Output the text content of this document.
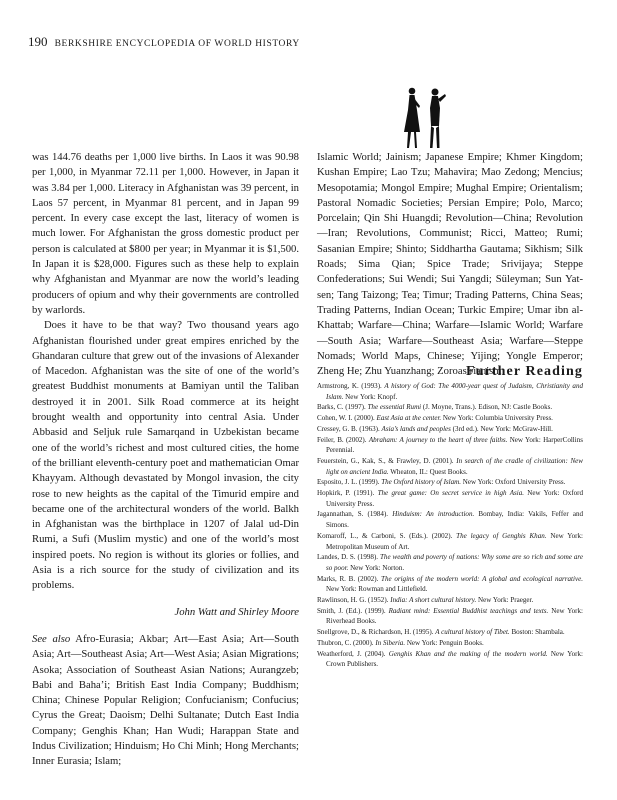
190 BERKSHIRE ENCYCLOPEDIA OF WORLD HISTORY

was 144.76 deaths per 1,000 live births. In Laos it was 90.98 per 1,000, in Myanmar 72.11 per 1,000. However, in Japan it was 3.84 per 1,000. Literacy in Afghanistan was 39 percent, in Laos 57 percent, in Myanmar 81 percent, and in Japan 99 percent. In every case except the last, literacy of women is much lower. For Afghanistan the gross domestic product per person is calculated at $800 per year; in Myanmar it is $1,500. In Japan it is $28,000. Figures such as these help to explain why Afghanistan and Myanmar are now the world’s leading producers of opium and why their governments are controlled by warlords.

Does it have to be that way? Two thousand years ago Afghanistan flourished under great empires enriched by the Ghandaran culture that grew out of the invasions of Alexander of Macedon. Afghanistan was the site of one of the world’s greatest Buddhist monuments at Bamiyan until the Taliban destroyed it in 2001. Silk Road commerce at its height brought wealth and opportunity into central Asia. Under Abbasid and Seljuk rule Samarqand in Uzbekistan became one of the world’s richest and most cultured cities, the home of the brilliant eleventh-century poet and mathematician Omar Khayyam. Although devastated by Mongol invasion, the city rose to new heights as the capital of the Timurid empire and became one of the architectural wonders of the world. Balkh in Afghanistan was the birthplace in 1207 of Jalal ud-Din Rumi, a Sufi (Muslim mystic) and one of the world’s most inspired poets. No region is without its glories or follies, and Asia is a rich source for the study of civilization and its problems.

John Watt and Shirley Moore

See also Afro-Eurasia; Akbar; Art—East Asia; Art—South Asia; Art—Southeast Asia; Art—West Asia; Asian Migrations; Asoka; Association of Southeast Asian Nations; Aurangzeb; Babi and Baha’i; British East India Company; Buddhism; China; Chinese Popular Religion; Confucianism; Confucius; Cyrus the Great; Daoism; Delhi Sultanate; Dutch East India Company; Genghis Khan; Han Wudi; Harappan State and Indus Civilization; Hinduism; Ho Chi Minh; Hong Merchants; Inner Eurasia; Islam;

Islamic World; Jainism; Japanese Empire; Khmer Kingdom; Kushan Empire; Lao Tzu; Mahavira; Mao Zedong; Mencius; Mesopotamia; Mongol Empire; Mughal Empire; Orientalism; Pastoral Nomadic Societies; Persian Empire; Polo, Marco; Porcelain; Qin Shi Huangdi; Revolution—China; Revolution—Iran; Revolutions, Communist; Ricci, Matteo; Rumi; Sasanian Empire; Shinto; Siddhartha Gautama; Sikhism; Silk Roads; Sima Qian; Spice Trade; Srivijaya; Steppe Confederations; Sui Wendi; Sui Yangdi; Süleyman; Sun Yat-sen; Tang Taizong; Tea; Timur; Trading Patterns, China Seas; Trading Patterns, Indian Ocean; Turkic Empire; Umar ibn al-Khattab; Warfare—China; Warfare—Islamic World; Warfare—South Asia; Warfare—Southeast Asia; Warfare—Steppe Nomads; World Maps, Chinese; Yijing; Yongle Emperor; Zheng He; Zhu Yuanzhang; Zoroastrianism

Further Reading

Armstrong, K. (1993). A history of God: The 4000-year quest of Judaism, Christianity and Islam. New York: Knopf.

Barks, C. (1997). The essential Rumi (J. Moyne, Trans.). Edison, NJ: Castle Books.

Cohen, W. I. (2000). East Asia at the center. New York: Columbia University Press.

Cressey, G. B. (1963). Asia’s lands and peoples (3rd ed.). New York: McGraw-Hill.

Feiler, B. (2002). Abraham: A journey to the heart of three faiths. New York: HarperCollins Perennial.

Feuerstein, G., Kak, S., & Frawley, D. (2001). In search of the cradle of civilization: New light on ancient India. Wheaton, IL: Quest Books.

Esposito, J. L. (1999). The Oxford history of Islam. New York: Oxford University Press.

Hopkirk, P. (1991). The great game: On secret service in high Asia. New York: Oxford University Press.

Jagannathan, S. (1984). Hinduism: An introduction. Bombay, India: Vakils, Feffer and Simons.

Komaroff, L., & Carboni, S. (Eds.). (2002). The legacy of Genghis Khan. New York: Metropolitan Museum of Art.

Landes, D. S. (1998). The wealth and poverty of nations: Why some are so rich and some are so poor. New York: Norton.

Marks, R. B. (2002). The origins of the modern world: A global and ecological narrative. New York: Rowman and Littlefield.

Rawlinson, H. G. (1952). India: A short cultural history. New York: Praeger.

Smith, J. (Ed.). (1999). Radiant mind: Essential Buddhist teachings and texts. New York: Riverhead Books.

Snellgrove, D., & Richardson, H. (1995). A cultural history of Tibet. Boston: Shambala.

Thubron, C. (2000). In Siberia. New York: Penguin Books.

Weatherford, J. (2004). Genghis Khan and the making of the modern world. New York: Crown Publishers.
